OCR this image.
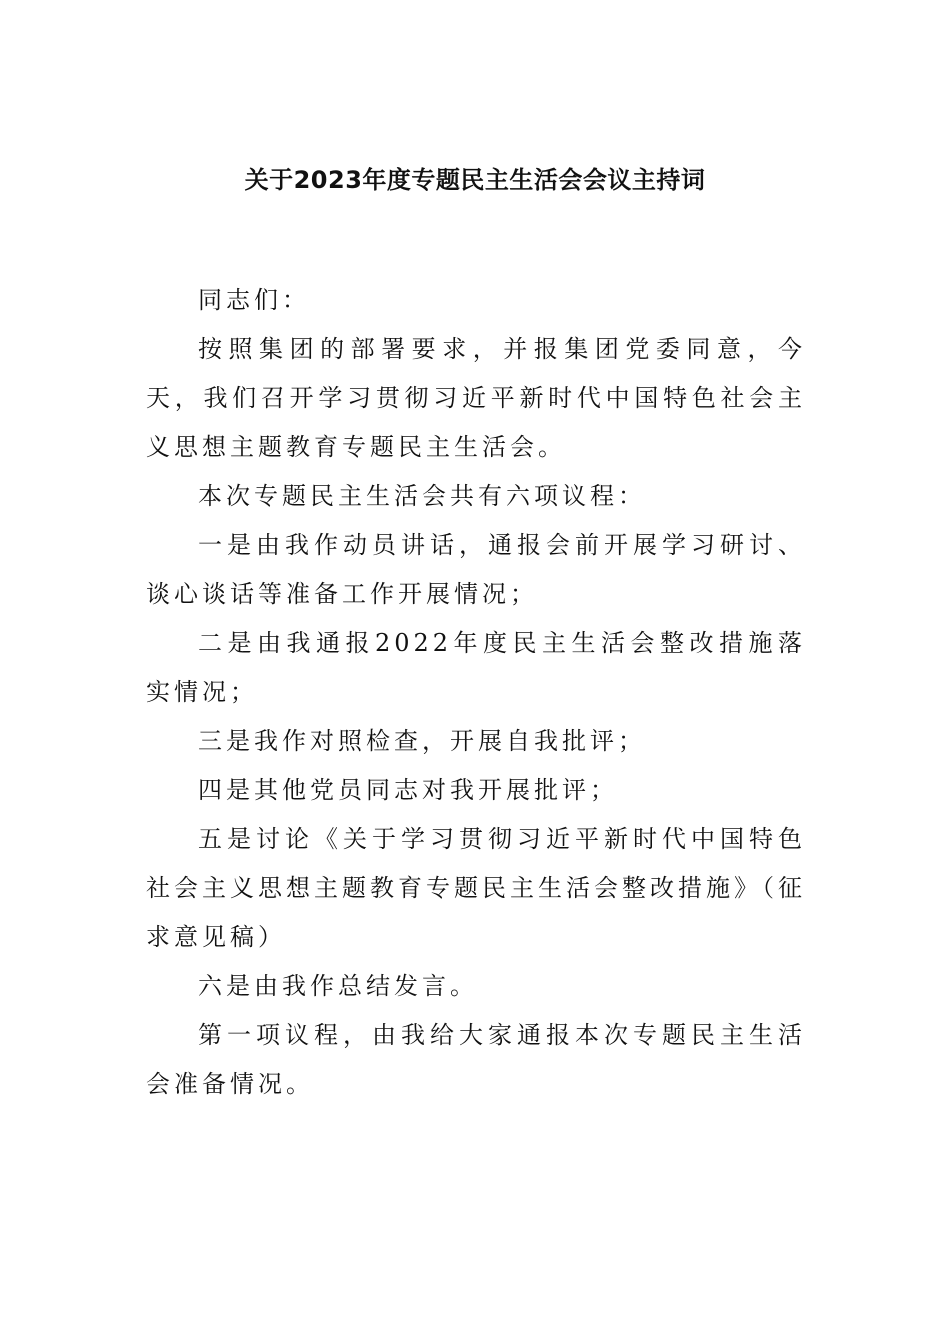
关于2023年度专题民主生活会会议主持词

同志们：

按照集团的部署要求，并报集团党委同意，今天，我们召开学习贯彻习近平新时代中国特色社会主义思想主题教育专题民主生活会。

本次专题民主生活会共有六项议程：

一是由我作动员讲话，通报会前开展学习研讨、谈心谈话等准备工作开展情况；

二是由我通报2022年度民主生活会整改措施落实情况；

三是我作对照检查，开展自我批评；

四是其他党员同志对我开展批评；

五是讨论《关于学习贯彻习近平新时代中国特色社会主义思想主题教育专题民主生活会整改措施》（征求意见稿）

六是由我作总结发言。

第一项议程，由我给大家通报本次专题民主生活会准备情况。
